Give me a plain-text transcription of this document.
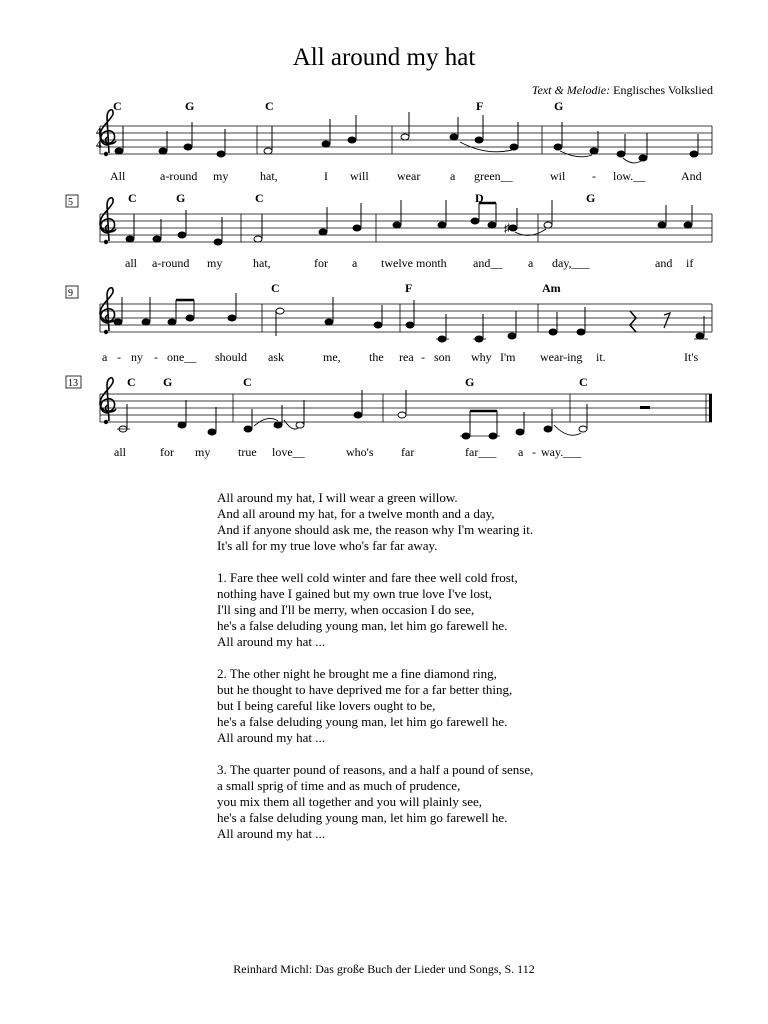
All around my hat
Text & Melodie: Englisches Volkslied
4
4
5
♯
9
13
C	G	C	F	G
C	G	C	D	G
C	F	Am
C G	C	G	C
All	a-round my	hat,	I will wear a green__	wil - low.__	And
all a-round my	hat,	for a twelve month and__ a day,___	and if
a - ny - one__ should ask	me, the rea - son why I'm wear-ing it.	It's
all	for my true love__	who's far	far___ a - way.___
All around my hat, I will wear a green willow.
And all around my hat, for a twelve month and a day,
And if anyone should ask me, the reason why I'm wearing it.
It's all for my true love who's far far away.
1. Fare thee well cold winter and fare thee well cold frost,
nothing have I gained but my own true love I've lost,
I'll sing and I'll be merry, when occasion I do see,
he's a false deluding young man, let him go farewell he.
All around my hat ...
2. The other night he brought me a fine diamond ring,
but he thought to have deprived me for a far better thing,
but I being careful like lovers ought to be,
he's a false deluding young man, let him go farewell he.
All around my hat ...
3. The quarter pound of reasons, and a half a pound of sense,
a small sprig of time and as much of prudence,
you mix them all together and you will plainly see,
he's a false deluding young man, let him go farewell he.
All around my hat ...
Reinhard Michl: Das große Buch der Lieder und Songs, S. 112
